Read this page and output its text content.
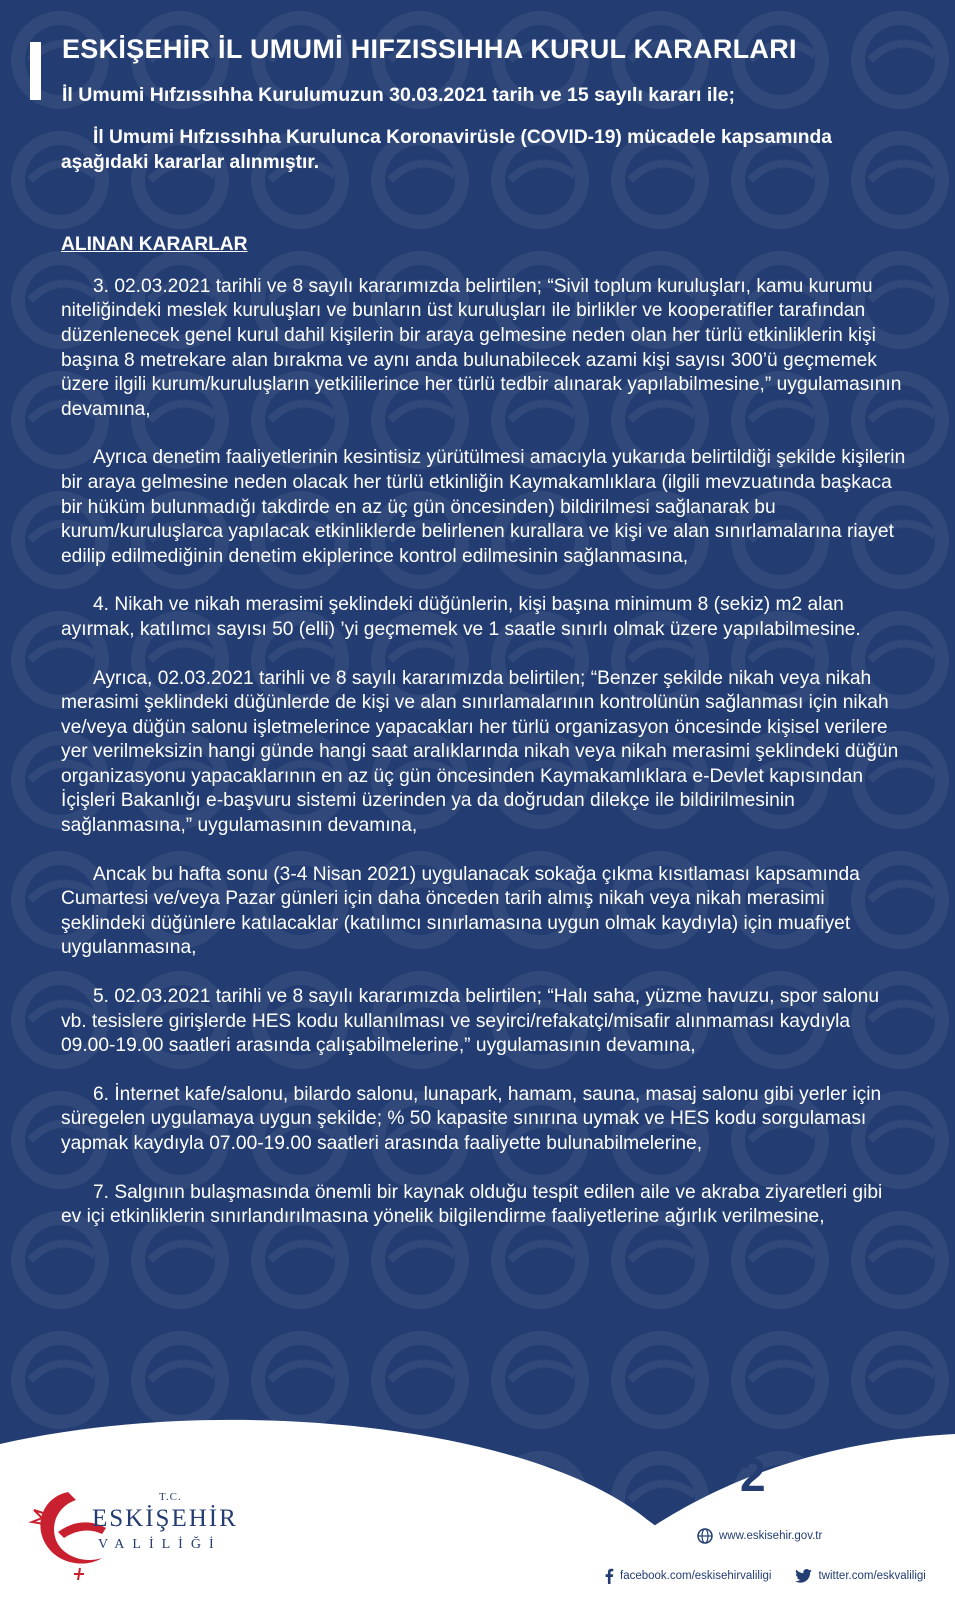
ESKİŞEHİR İL UMUMİ HIFZISSIHHA KURUL KARARLARI
İl Umumi Hıfzıssıhha Kurulumuzun 30.03.2021 tarih ve 15 sayılı kararı ile;

İl Umumi Hıfzıssıhha Kurulunca Koronavirüsle (COVID-19) mücadele kapsamında aşağıdaki kararlar alınmıştır.

ALINAN KARARLAR

3. 02.03.2021 tarihli ve 8 sayılı kararımızda belirtilen; “Sivil toplum kuruluşları, kamu kurumu niteliğindeki meslek kuruluşları ve bunların üst kuruluşları ile birlikler ve kooperatifler tarafından düzenlenecek genel kurul dahil kişilerin bir araya gelmesine neden olan her türlü etkinliklerin kişi başına 8 metrekare alan bırakma ve aynı anda bulunabilecek azami kişi sayısı 300’ü geçmemek üzere ilgili kurum/kuruluşların yetkililerince her türlü tedbir alınarak yapılabilmesine,” uygulamasının devamına,

Ayrıca denetim faaliyetlerinin kesintisiz yürütülmesi amacıyla yukarıda belirtildiği şekilde kişilerin bir araya gelmesine neden olacak her türlü etkinliğin Kaymakamlıklara (ilgili mevzuatında başkaca bir hüküm bulunmadığı takdirde en az üç gün öncesinden) bildirilmesi sağlanarak bu kurum/kuruluşlarca yapılacak etkinliklerde belirlenen kurallara ve kişi ve alan sınırlamalarına riayet edilip edilmediğinin denetim ekiplerince kontrol edilmesinin sağlanmasına,

4. Nikah ve nikah merasimi şeklindeki düğünlerin, kişi başına minimum 8 (sekiz) m2 alan ayırmak, katılımcı sayısı 50 (elli) ’yi geçmemek ve 1 saatle sınırlı olmak üzere yapılabilmesine.

Ayrıca, 02.03.2021 tarihli ve 8 sayılı kararımızda belirtilen; “Benzer şekilde nikah veya nikah merasimi şeklindeki düğünlerde de kişi ve alan sınırlamalarının kontrolünün sağlanması için nikah ve/veya düğün salonu işletmelerince yapacakları her türlü organizasyon öncesinde kişisel verilere yer verilmeksizin hangi günde hangi saat aralıklarında nikah veya nikah merasimi şeklindeki düğün organizasyonu yapacaklarının en az üç gün öncesinden Kaymakamlıklara e-Devlet kapısından İçişleri Bakanlığı e-başvuru sistemi üzerinden ya da doğrudan dilekçe ile bildirilmesinin sağlanmasına,” uygulamasının devamına,

Ancak bu hafta sonu (3-4 Nisan 2021) uygulanacak sokağa çıkma kısıtlaması kapsamında Cumartesi ve/veya Pazar günleri için daha önceden tarih almış nikah veya nikah merasimi şeklindeki düğünlere katılacaklar (katılımcı sınırlamasına uygun olmak kaydıyla) için muafiyet uygulanmasına,

5. 02.03.2021 tarihli ve 8 sayılı kararımızda belirtilen; “Halı saha, yüzme havuzu, spor salonu vb. tesislere girişlerde HES kodu kullanılması ve seyirci/refakatçi/misafir alınmaması kaydıyla 09.00-19.00 saatleri arasında çalışabilmelerine,” uygulamasının devamına,

6. İnternet kafe/salonu, bilardo salonu, lunapark, hamam, sauna, masaj salonu gibi yerler için süregelen uygulamaya uygun şekilde; % 50 kapasite sınırına uymak ve HES kodu sorgulaması yapmak kaydıyla 07.00-19.00 saatleri arasında faaliyette bulunabilmelerine,

7. Salgının bulaşmasında önemli bir kaynak olduğu tespit edilen aile ve akraba ziyaretleri gibi ev içi etkinliklerin sınırlandırılmasına yönelik bilgilendirme faaliyetlerine ağırlık verilmesine,

2
www.eskisehir.gov.tr
facebook.com/eskisehirvaliligi	twitter.com/eskvaliligi
T.C.
ESKİŞEHİR
VALİLİĞİ
